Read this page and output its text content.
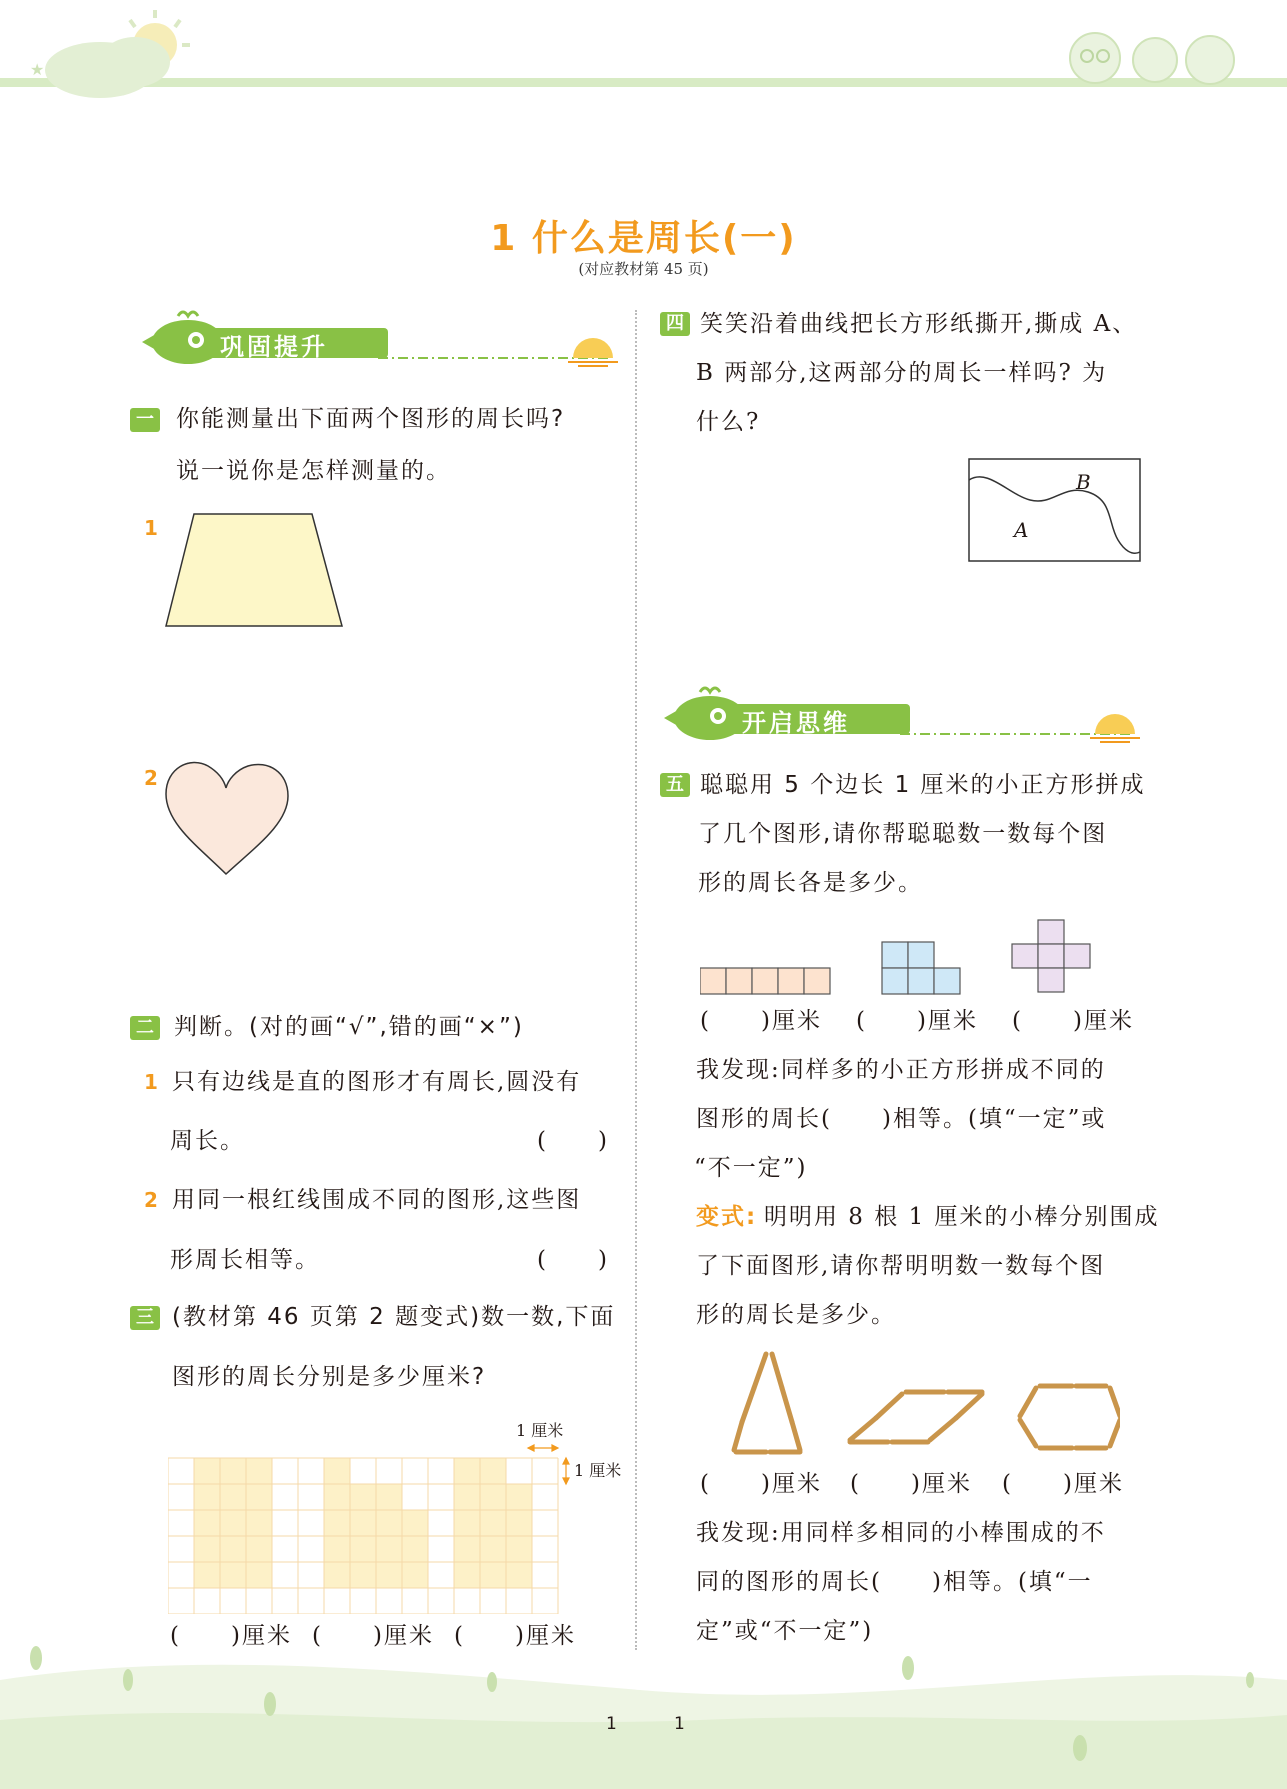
★
1 什么是周长(一)
(对应教材第 45 页)
巩固提升
一 你能测量出下面两个图形的周长吗?
说一说你是怎样测量的。
1
2
二 判断。(对的画“√”,错的画“×”)
1 只有边线是直的图形才有周长,圆没有
周长。	(　　)
2 用同一根红线围成不同的图形,这些图
形周长相等。	(　　)
三 (教材第 46 页第 2 题变式)数一数,下面
图形的周长分别是多少厘米?
1 厘米
1 厘米
(　　)厘米 (　　)厘米 (　　)厘米
四 笑笑沿着曲线把长方形纸撕开,撕成 A、
B 两部分,这两部分的周长一样吗? 为
什么?
B
A
开启思维
五 聪聪用 5 个边长 1 厘米的小正方形拼成
了几个图形,请你帮聪聪数一数每个图
形的周长各是多少。
(　　)厘米 (　　)厘米 (　　)厘米
我发现:同样多的小正方形拼成不同的
图形的周长(　　)相等。(填“一定”或
“不一定”)
变式: 明明用 8 根 1 厘米的小棒分别围成
了下面图形,请你帮明明数一数每个图
形的周长是多少。
(　　)厘米 (　　)厘米 (　　)厘米
我发现:用同样多相同的小棒围成的不
同的图形的周长(　　)相等。(填“一
定”或“不一定”)
1	1
